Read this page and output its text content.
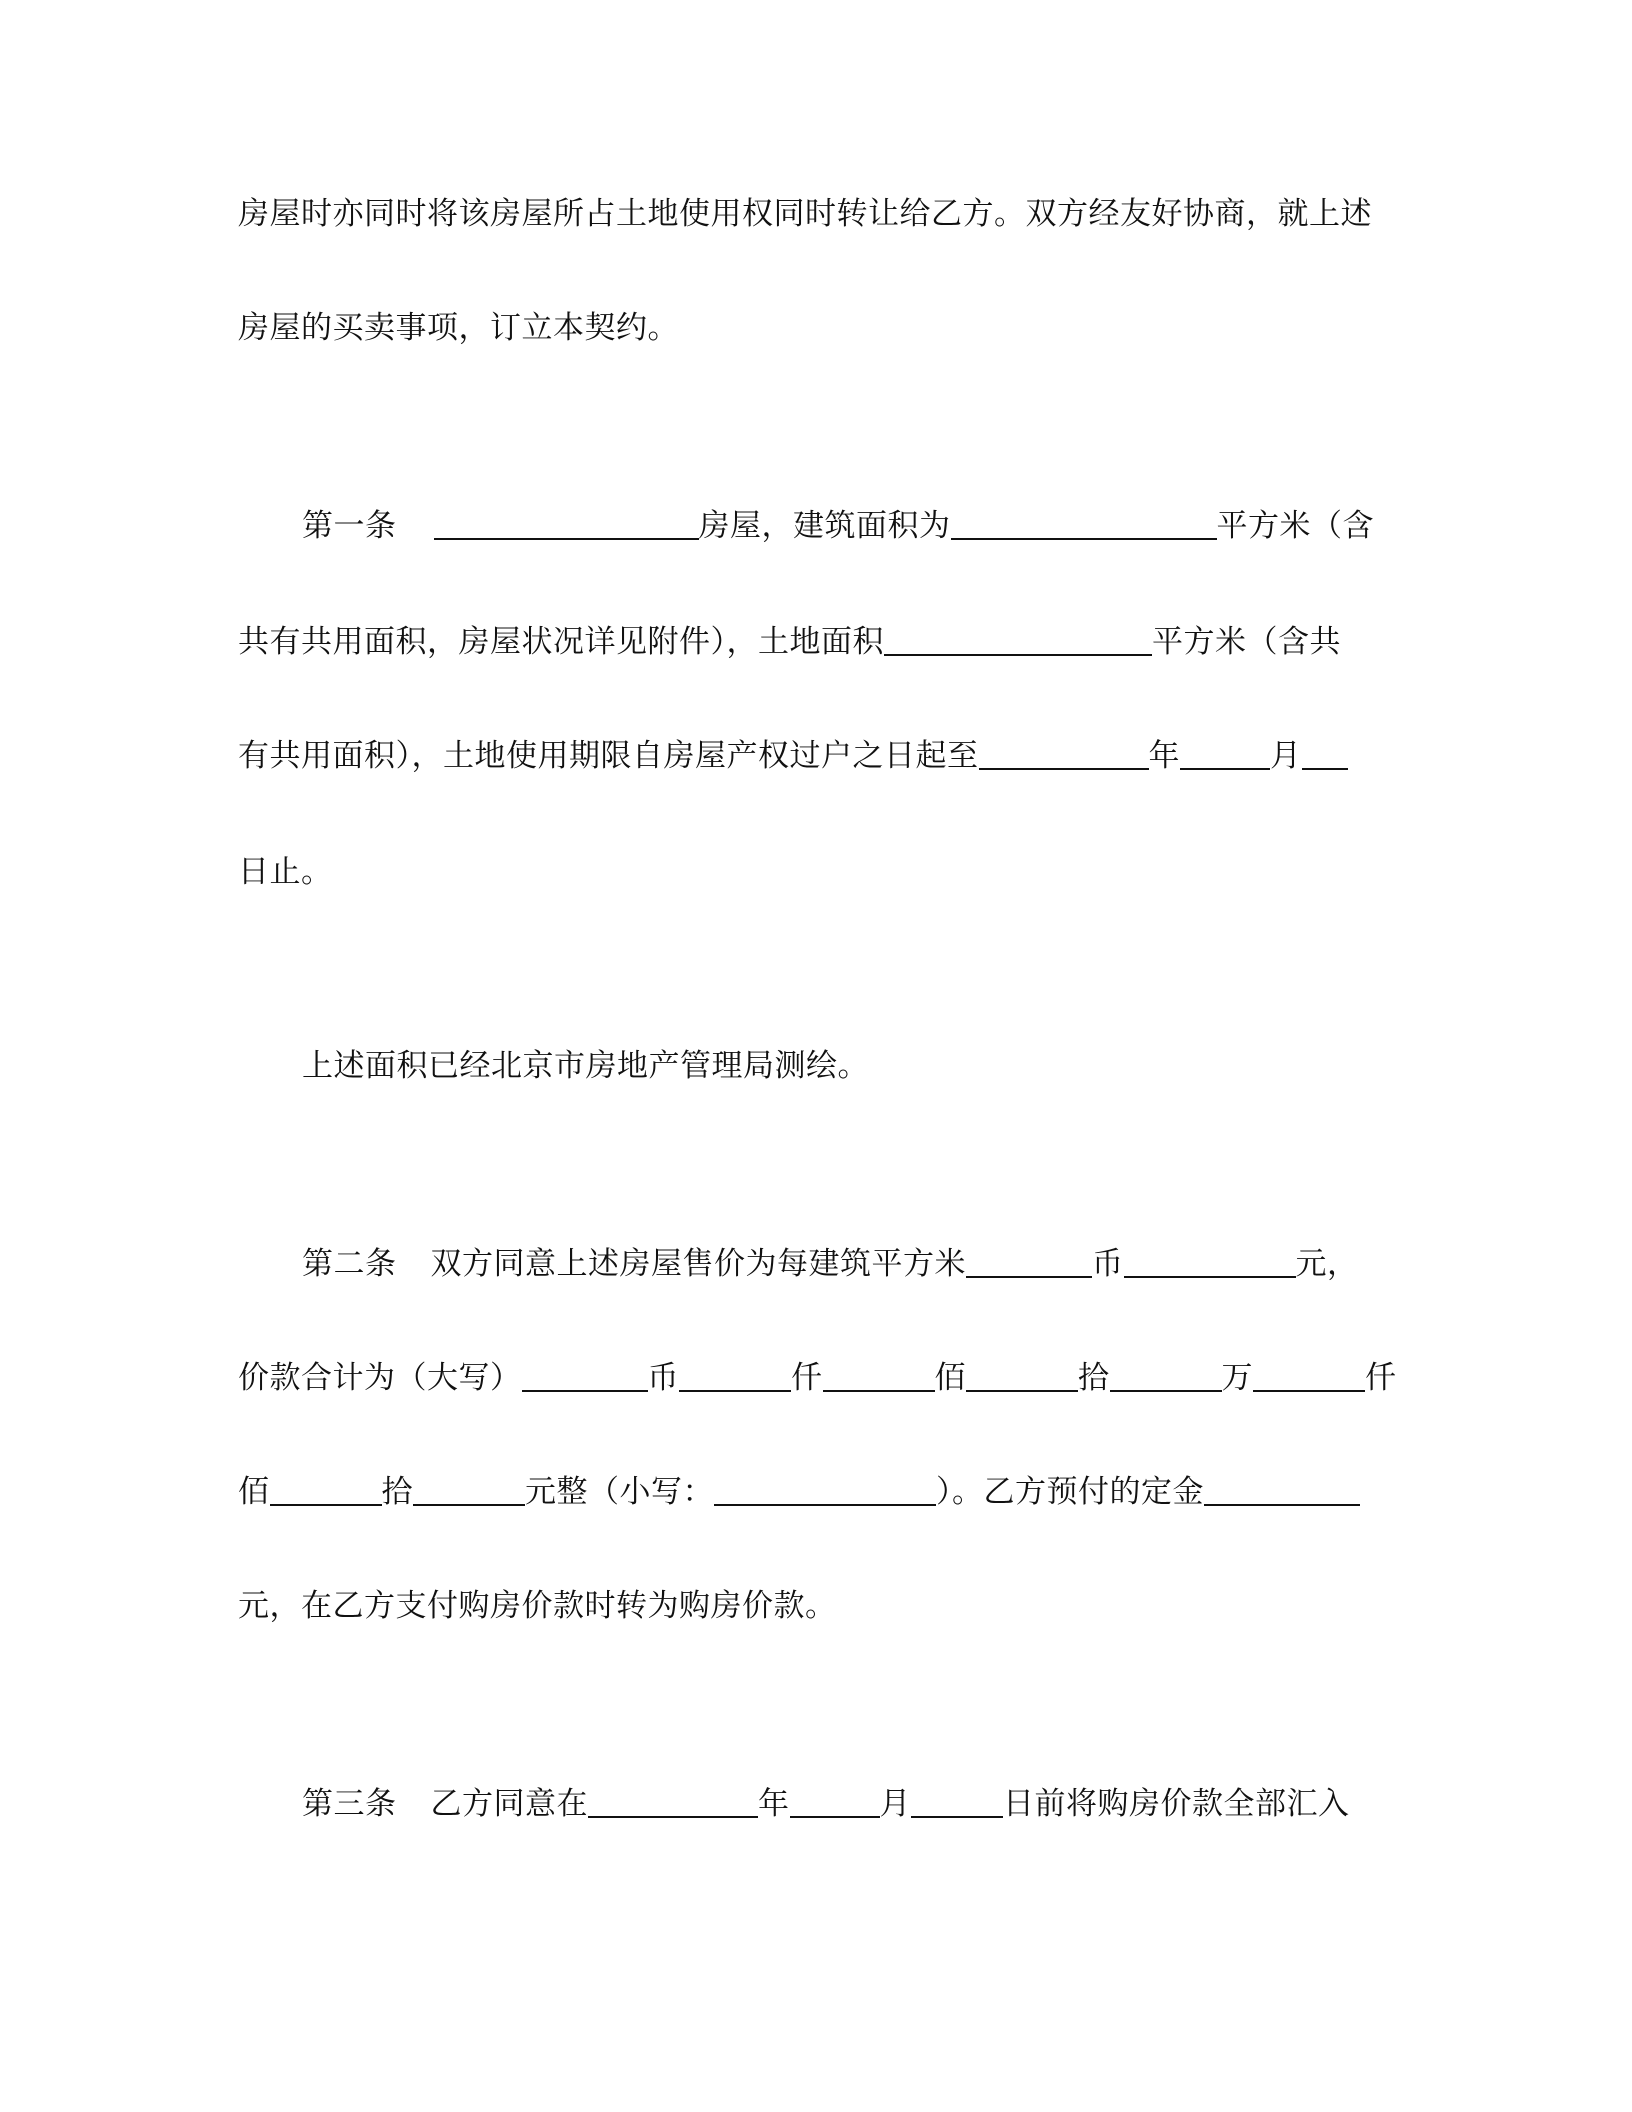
房屋时亦同时将该房屋所占土地使用权同时转让给乙方。双方经友好协商，就上述
房屋的买卖事项，订立本契约。
第一条	房屋，建筑面积为	平方米（含
共有共用面积，房屋状况详见附件），土地面积	平方米（含共
有共用面积），土地使用期限自房屋产权过户之日起至	年	月
日止。
上述面积已经北京市房地产管理局测绘。
第二条 双方同意上述房屋售价为每建筑平方米	币	元，
价款合计为（大写）	币	仟	佰	拾	万	仟
佰	拾	元整（小写：	）。乙方预付的定金
元，在乙方支付购房价款时转为购房价款。
第三条 乙方同意在	年	月	日前将购房价款全部汇入
